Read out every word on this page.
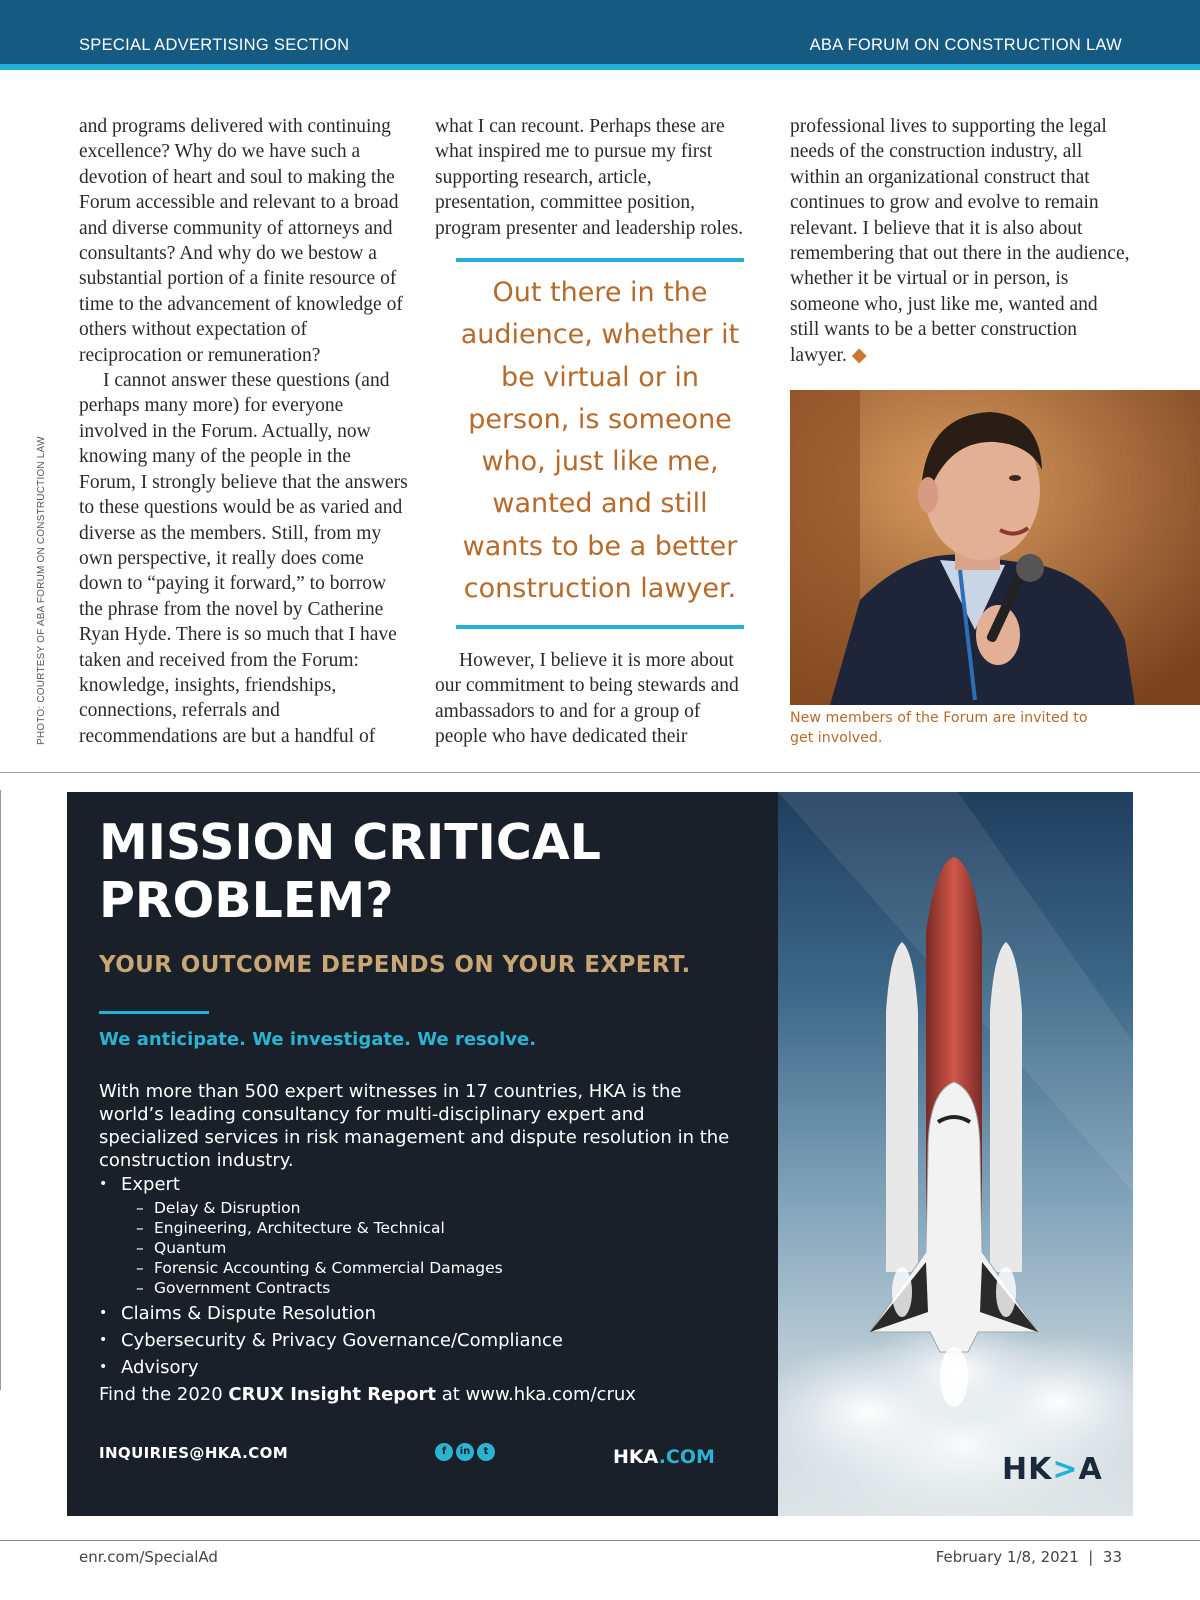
SPECIAL ADVERTISING SECTION	ABA FORUM ON CONSTRUCTION LAW
PHOTO: COURTESY OF ABA FORUM ON CONSTRUCTION LAW

and programs delivered with continuing excellence? Why do we have such a devotion of heart and soul to making the Forum accessible and relevant to a broad and diverse community of attorneys and consultants? And why do we bestow a substantial portion of a finite resource of time to the advancement of knowledge of others without expectation of reciprocation or remuneration?

I cannot answer these questions (and perhaps many more) for everyone involved in the Forum. Actually, now knowing many of the people in the Forum, I strongly believe that the answers to these questions would be as varied and diverse as the members. Still, from my own perspective, it really does come down to “paying it forward,” to borrow the phrase from the novel by Catherine Ryan Hyde. There is so much that I have taken and received from the Forum: knowledge, insights, friendships, connections, referrals and recommendations are but a handful of

what I can recount. Perhaps these are what inspired me to pursue my first supporting research, article, presentation, committee position, program presenter and leadership roles.

Out there in the audience, whether it be virtual or in person, is someone who, just like me, wanted and still wants to be a better construction lawyer.
However, I believe it is more about our commitment to being stewards and ambassadors to and for a group of people who have dedicated their

professional lives to supporting the legal needs of the construction industry, all within an organizational construct that continues to grow and evolve to remain relevant. I believe that it is also about remembering that out there in the audience, whether it be virtual or in person, is someone who, just like me, wanted and still wants to be a better construction lawyer. ◆

New members of the Forum are invited to get involved.
MISSION CRITICAL
PROBLEM?
YOUR OUTCOME DEPENDS ON YOUR EXPERT.
We anticipate. We investigate. We resolve.
With more than 500 expert witnesses in 17 countries, HKA is the world’s leading consultancy for multi-disciplinary expert and specialized services in risk management and dispute resolution in the construction industry.
• Expert
– Delay & Disruption
– Engineering, Architecture & Technical
– Quantum
– Forensic Accounting & Commercial Damages
– Government Contracts
• Claims & Dispute Resolution
• Cybersecurity & Privacy Governance/Compliance
• Advisory
Find the 2020 CRUX Insight Report at www.hka.com/crux
INQUIRIES@HKA.COM	f	in	t	HKA.COM	HK>A
enr.com/SpecialAd	February 1/8, 2021  |  33
